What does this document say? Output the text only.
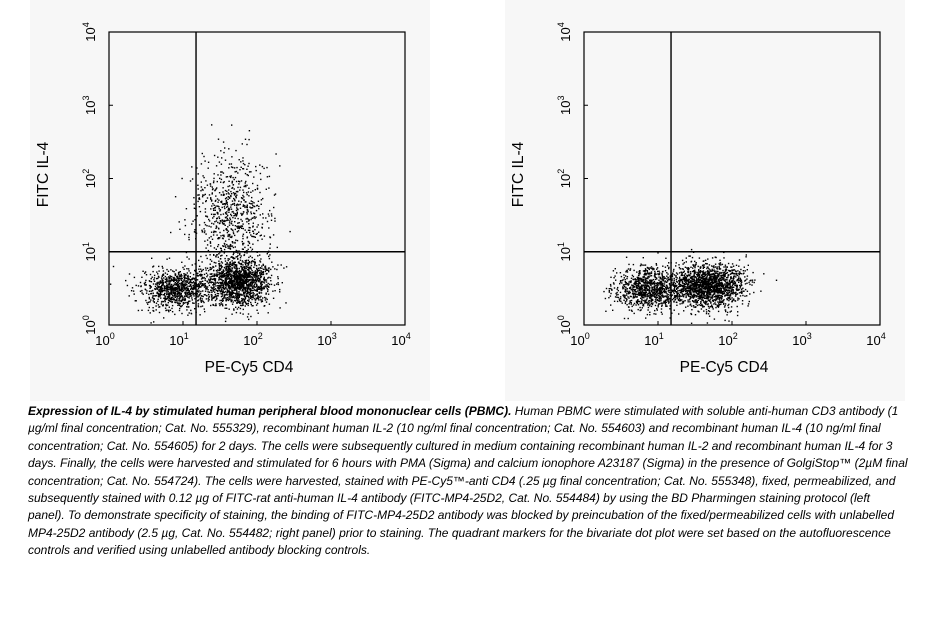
$10^0$	$10^1$	$10^2$	$10^3$	$10^4$
$10^0$
$10^1$
$10^2$
$10^3$
$10^4$
PE-Cy5 CD4
FITC IL-4
$10^0$	$10^1$	$10^2$	$10^3$	$10^4$
$10^0$
$10^1$
$10^2$
$10^3$
$10^4$
PE-Cy5 CD4
FITC IL-4
Expression of IL-4 by stimulated human peripheral blood mononuclear cells (PBMC). Human PBMC were stimulated with soluble anti-human CD3 antibody (1 µg/ml final concentration; Cat. No. 555329), recombinant human IL-2 (10 ng/ml final concentration; Cat. No. 554603) and recombinant human IL-4 (10 ng/ml final concentration; Cat. No. 554605) for 2 days. The cells were subsequently cultured in medium containing recombinant human IL-2 and recombinant human IL-4 for 3 days. Finally, the cells were harvested and stimulated for 6 hours with PMA (Sigma) and calcium ionophore A23187 (Sigma) in the presence of GolgiStop™ (2µM final concentration; Cat. No. 554724). The cells were harvested, stained with PE-Cy5™-anti CD4 (.25 µg final concentration; Cat. No. 555348), fixed, permeabilized, and subsequently stained with 0.12 µg of FITC-rat anti-human IL-4 antibody (FITC-MP4-25D2, Cat. No. 554484) by using the BD Pharmingen staining protocol (left panel). To demonstrate specificity of staining, the binding of FITC-MP4-25D2 antibody was blocked by preincubation of the fixed/permeabilized cells with unlabelled MP4-25D2 antibody (2.5 µg, Cat. No. 554482; right panel) prior to staining. The quadrant markers for the bivariate dot plot were set based on the autofluorescence controls and verified using unlabelled antibody blocking controls.
